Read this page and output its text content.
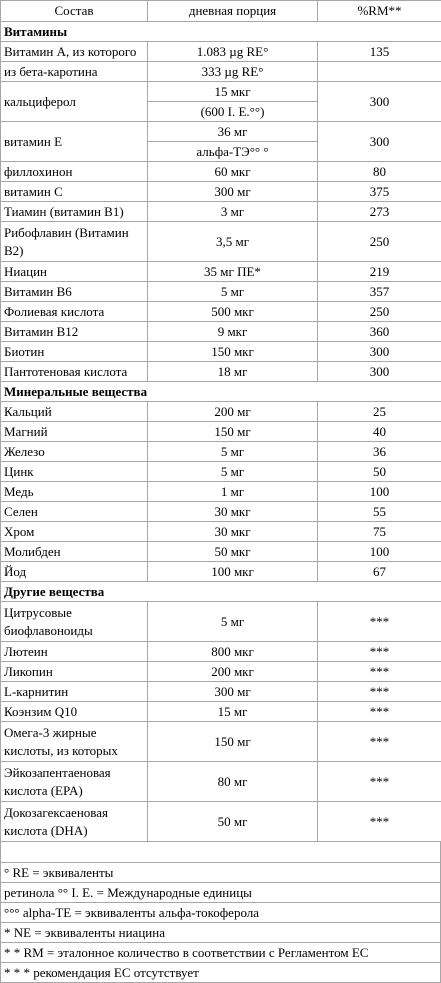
Состав	дневная порция	%RM**
Витамины		
Витамин А, из которого	1.083 µg RE°	135
из бета-каротина	333 µg RE°	
кальциферол	15 мкг	300
	(600 I. E.°°)	
витамин Е	36 мг	300
	альфа-ТЭ°° °	
филлохинон	60 мкг	80
витамин С	300 мг	375
Тиамин (витамин В1)	3 мг	273
Рибофлавин (Витамин В2)	3,5 мг	250
Ниацин	35 мг ПЕ*	219
Витамин В6	5 мг	357
Фолиевая кислота	500 мкг	250
Витамин В12	9 мкг	360
Биотин	150 мкг	300
Пантотеновая кислота	18 мг	300
Минеральные вещества		
Кальций	200 мг	25
Магний	150 мг	40
Железо	5 мг	36
Цинк	5 мг	50
Медь	1 мг	100
Селен	30 мкг	55
Хром	30 мкг	75
Молибден	50 мкг	100
Йод	100 мкг	67
Другие вещества		
Цитрусовые биофлавоноиды	5 мг	***
Лютеин	800 мкг	***
Ликопин	200 мкг	***
L-карнитин	300 мг	***
Коэнзим Q10	15 мг	***
Омега-3 жирные кислоты, из которых	150 мг	***
Эйкозапентаеновая кислота (EPA)	80 мг	***
Докозагексаеновая кислота (DHA)	50 мг	***

° RE = эквиваленты
ретинола °° I. E. = Международные единицы
°°° alpha-TE = эквиваленты альфа-токоферола
* NE = эквиваленты ниацина
* * RM = эталонное количество в соответствии с Регламентом ЕС
* * * рекомендация ЕС отсутствует
